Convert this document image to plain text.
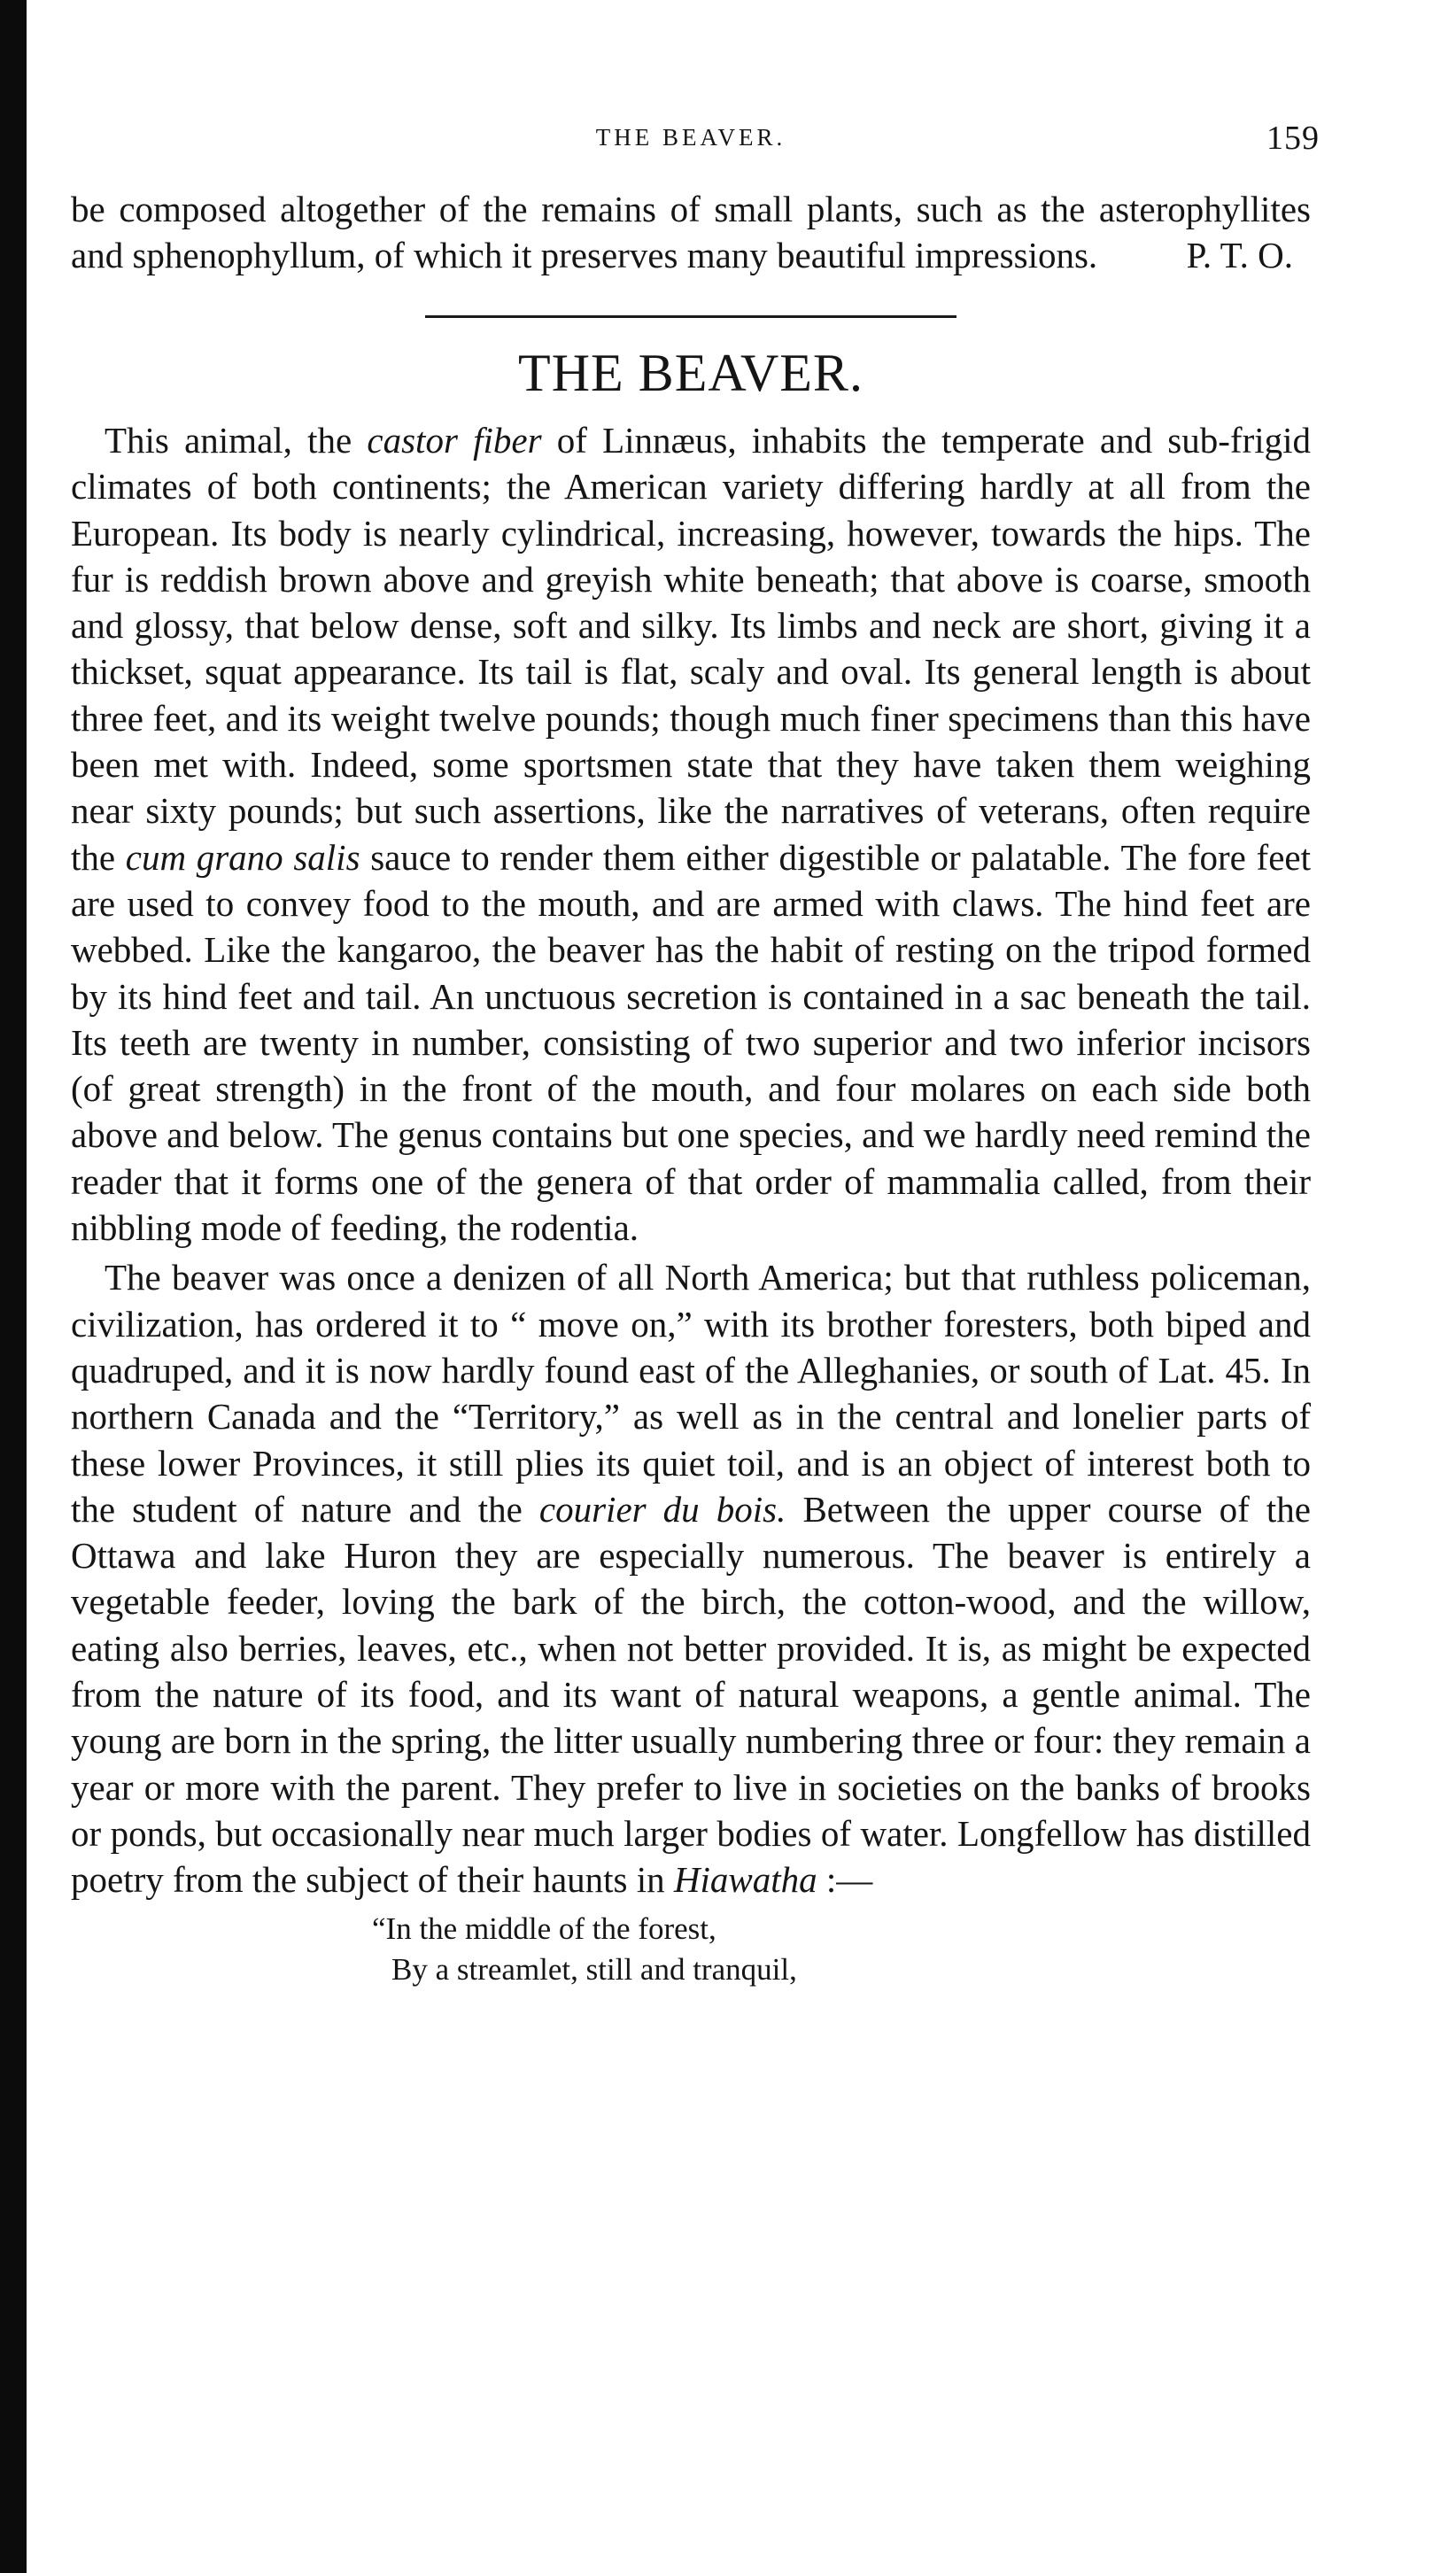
THE BEAVER.	159
be composed altogether of the remains of small plants, such as the asterophyllites and sphenophyllum, of which it preserves many beautiful impressions. P. T. O.
THE BEAVER.

This animal, the castor fiber of Linnæus, inhabits the temperate and sub-frigid climates of both continents; the American variety differing hardly at all from the European. Its body is nearly cylindrical, increasing, however, towards the hips. The fur is reddish brown above and greyish white beneath; that above is coarse, smooth and glossy, that below dense, soft and silky. Its limbs and neck are short, giving it a thickset, squat appearance. Its tail is flat, scaly and oval. Its general length is about three feet, and its weight twelve pounds; though much finer specimens than this have been met with. Indeed, some sportsmen state that they have taken them weighing near sixty pounds; but such assertions, like the narratives of veterans, often require the cum grano salis sauce to render them either digestible or palatable. The fore feet are used to convey food to the mouth, and are armed with claws. The hind feet are webbed. Like the kangaroo, the beaver has the habit of resting on the tripod formed by its hind feet and tail. An unctuous secretion is contained in a sac beneath the tail. Its teeth are twenty in number, consisting of two superior and two inferior incisors (of great strength) in the front of the mouth, and four molares on each side both above and below. The genus contains but one species, and we hardly need remind the reader that it forms one of the genera of that order of mammalia called, from their nibbling mode of feeding, the rodentia.

The beaver was once a denizen of all North America; but that ruthless policeman, civilization, has ordered it to “ move on,” with its brother foresters, both biped and quadruped, and it is now hardly found east of the Alleghanies, or south of Lat. 45. In northern Canada and the “Territory,” as well as in the central and lonelier parts of these lower Provinces, it still plies its quiet toil, and is an object of interest both to the student of nature and the courier du bois. Between the upper course of the Ottawa and lake Huron they are especially numerous. The beaver is entirely a vegetable feeder, loving the bark of the birch, the cotton-wood, and the willow, eating also berries, leaves, etc., when not better provided. It is, as might be expected from the nature of its food, and its want of natural weapons, a gentle animal. The young are born in the spring, the litter usually numbering three or four: they remain a year or more with the parent. They prefer to live in societies on the banks of brooks or ponds, but occasionally near much larger bodies of water. Longfellow has distilled poetry from the subject of their haunts in Hiawatha :—

“In the middle of the forest,
By a streamlet, still and tranquil,
